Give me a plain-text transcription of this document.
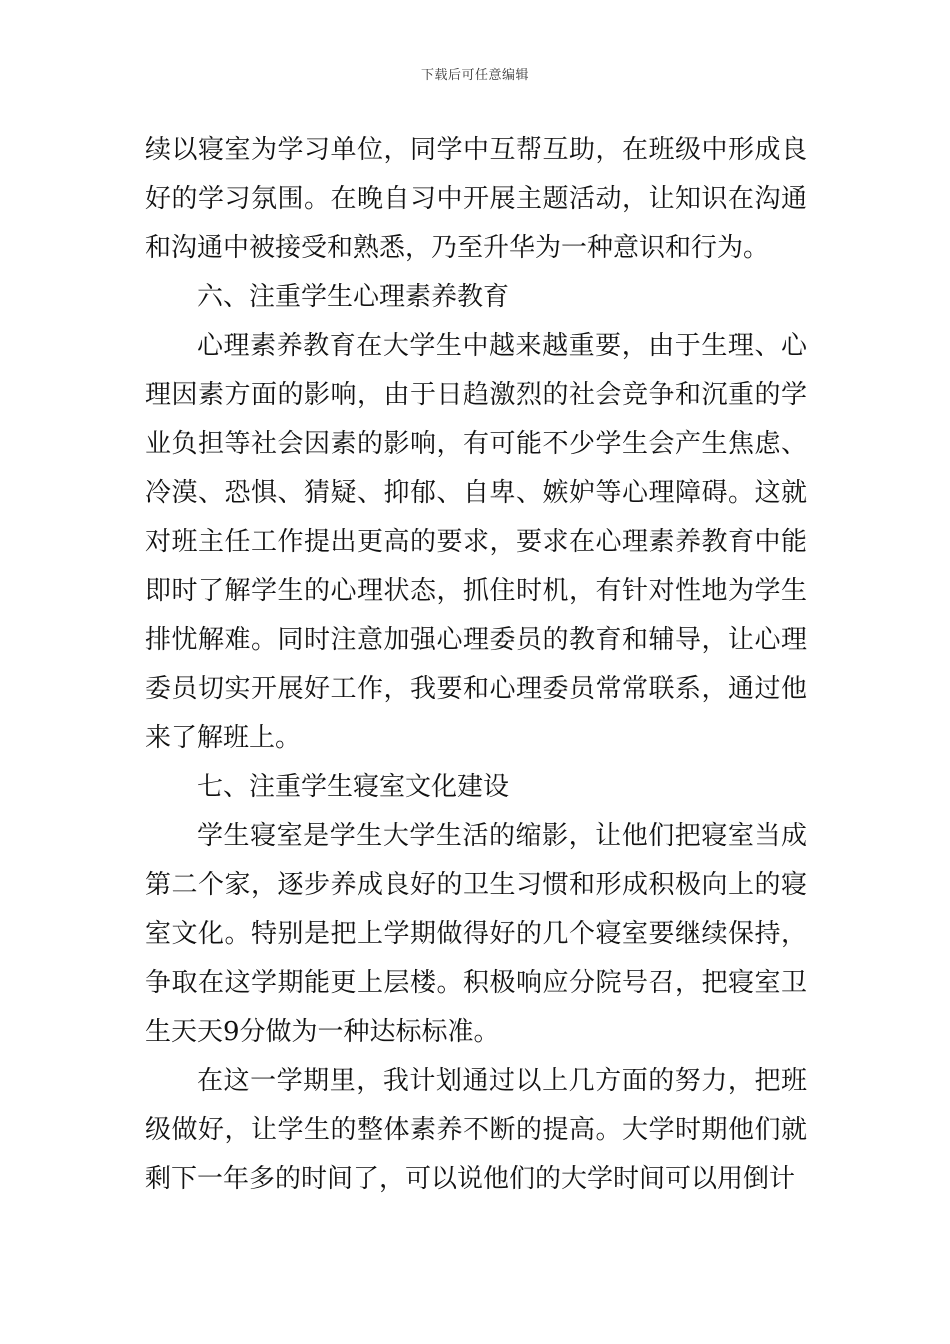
下载后可任意编辑

续以寝室为学习单位，同学中互帮互助，在班级中形成良好的学习氛围。在晚自习中开展主题活动，让知识在沟通和沟通中被接受和熟悉，乃至升华为一种意识和行为。

六、注重学生心理素养教育

心理素养教育在大学生中越来越重要，由于生理、心理因素方面的影响，由于日趋激烈的社会竞争和沉重的学业负担等社会因素的影响，有可能不少学生会产生焦虑、冷漠、恐惧、猜疑、抑郁、自卑、嫉妒等心理障碍。这就对班主任工作提出更高的要求，要求在心理素养教育中能即时了解学生的心理状态，抓住时机，有针对性地为学生排忧解难。同时注意加强心理委员的教育和辅导，让心理委员切实开展好工作，我要和心理委员常常联系，通过他来了解班上。

七、注重学生寝室文化建设

学生寝室是学生大学生活的缩影，让他们把寝室当成第二个家，逐步养成良好的卫生习惯和形成积极向上的寝室文化。特别是把上学期做得好的几个寝室要继续保持，争取在这学期能更上层楼。积极响应分院号召，把寝室卫生天天9分做为一种达标标准。

在这一学期里，我计划通过以上几方面的努力，把班级做好，让学生的整体素养不断的提高。大学时期他们就剩下一年多的时间了，可以说他们的大学时间可以用倒计
